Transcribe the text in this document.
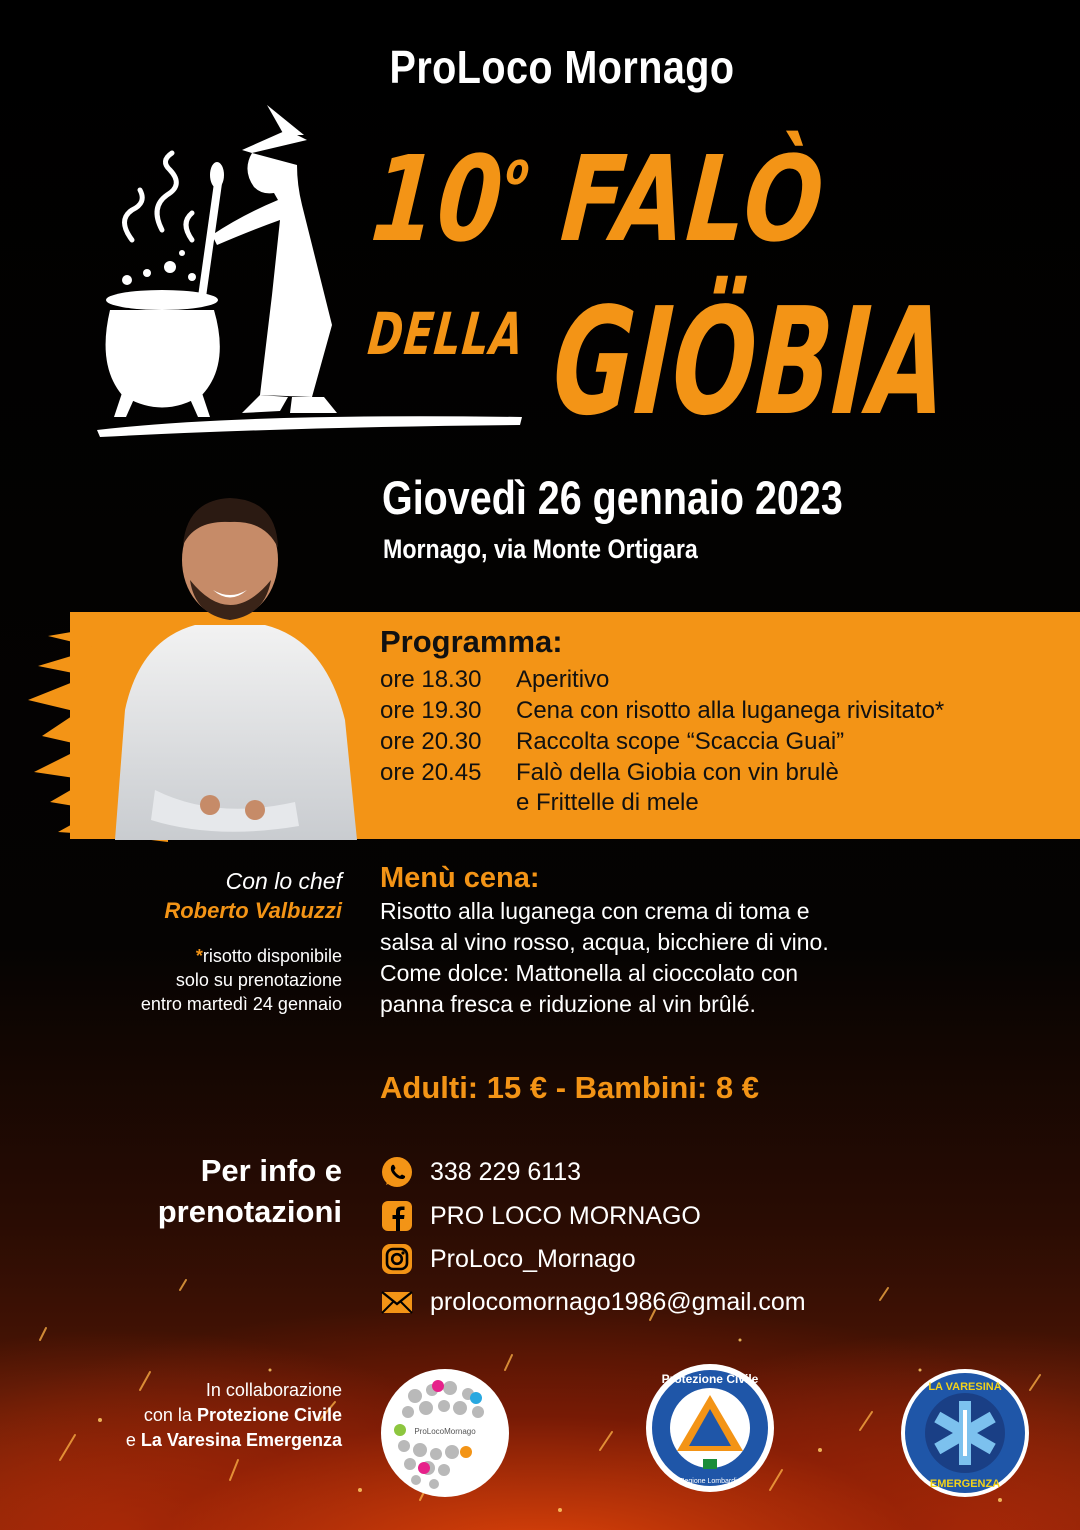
ProLoco Mornago
10$^o$ FALÒ
DELLA GIÖBIA
Giovedì 26 gennaio 2023
Mornago, via Monte Ortigara
Programma:
ore 18.30 Aperitivo
ore 19.30 Cena con risotto alla luganega rivisitato*
ore 20.30 Raccolta scope “Scaccia Guai”
ore 20.45 Falò della Giobia con vin brulè
e Frittelle di mele
Con lo chef
Roberto Valbuzzi
*risotto disponibile
solo su prenotazione
entro martedì 24 gennaio
Menù cena:
Risotto alla luganega con crema di toma e
salsa al vino rosso, acqua, bicchiere di vino.
Come dolce: Mattonella al cioccolato con
panna fresca e riduzione al vin brûlé.
Adulti: 15 € - Bambini: 8 €
Per info e
prenotazioni
338 229 6113
PRO LOCO MORNAGO
ProLoco_Mornago
prolocomornago1986@gmail.com
In collaborazione
con la Protezione Civile
e La Varesina Emergenza	ProLocoMornago
Protezione Civile
Regione Lombardia
LA VARESINA
EMERGENZA
